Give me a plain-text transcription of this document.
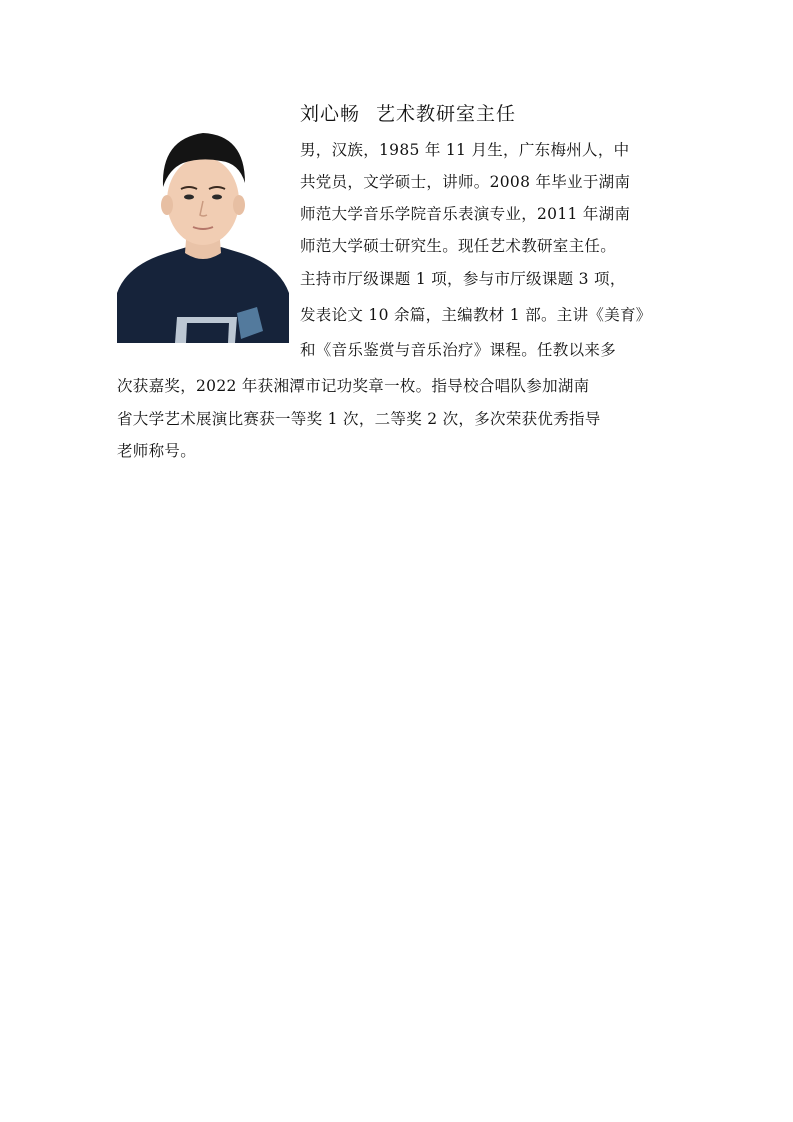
刘心畅 艺术教研室主任
男，汉族，1985 年 11 月生，广东梅州人，中
共党员，文学硕士，讲师。2008 年毕业于湖南
师范大学音乐学院音乐表演专业，2011 年湖南
师范大学硕士研究生。现任艺术教研室主任。
主持市厅级课题 1 项，参与市厅级课题 3 项，
发表论文 10 余篇，主编教材 1 部。主讲《美育》
和《音乐鉴赏与音乐治疗》课程。任教以来多
次获嘉奖，2022 年获湘潭市记功奖章一枚。指导校合唱队参加湖南
省大学艺术展演比赛获一等奖 1 次，二等奖 2 次，多次荣获优秀指导
老师称号。
